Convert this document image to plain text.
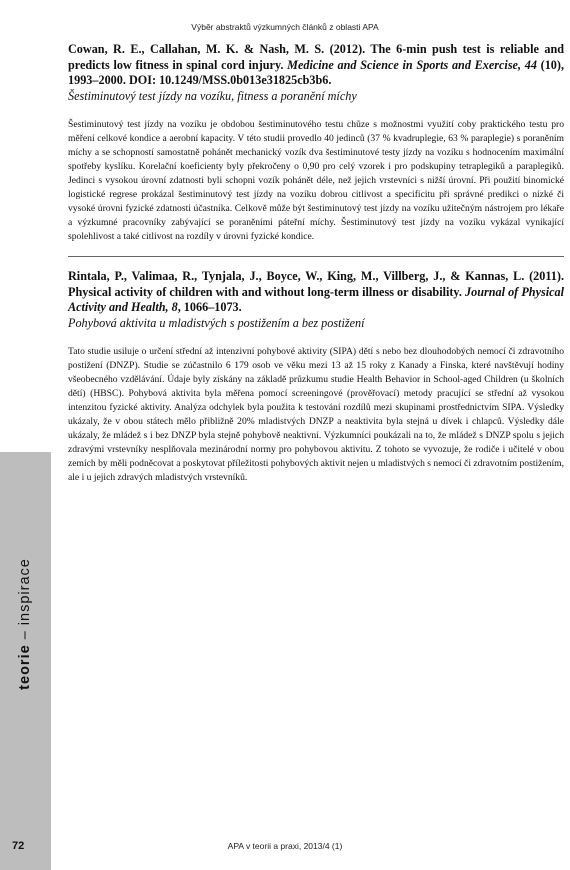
Výběr abstraktů výzkumných článků z oblasti APA

Cowan, R. E., Callahan, M. K. & Nash, M. S. (2012). The 6-min push test is reliable and predicts low fitness in spinal cord injury. Medicine and Science in Sports and Exercise, 44 (10), 1993–2000. DOI: 10.1249/MSS.0b013e31825cb3b6.

Šestiminutový test jízdy na vozíku, fitness a poranění míchy

Šestiminutový test jízdy na vozíku je obdobou šestiminutového testu chůze s možnostmi využití coby praktického testu pro měření celkové kondice a aerobní kapacity. V této studii provedlo 40 jedinců (37 % kvadruplegie, 63 % paraplegie) s poraněním míchy a se schopností samostatně pohánět mechanický vozík dva šestiminutové testy jízdy na vozíku s hodnocením maximální spotřeby kyslíku. Korelační koeficienty byly překročeny o 0,90 pro celý vzorek i pro podskupiny tetraplegiků a paraplegiků. Jedinci s vysokou úrovní zdatnosti byli schopni vozík pohánět déle, než jejich vrstevníci s nižší úrovní. Při použití binomické logistické regrese prokázal šestiminutový test jízdy na vozíku dobrou citlivost a specificitu při správné predikci o nízké či vysoké úrovni fyzické zdatnosti účastníka. Celkově může být šestiminutový test jízdy na vozíku užitečným nástrojem pro lékaře a výzkumné pracovníky zabývající se poraněními páteřní míchy. Šestiminutový test jízdy na vozíku vykázal vynikající spolehlivost a také citlivost na rozdíly v úrovni fyzické kondice.

Rintala, P., Valimaa, R., Tynjala, J., Boyce, W., King, M., Villberg, J., & Kannas, L. (2011). Physical activity of children with and without long-term illness or disability. Journal of Physical Activity and Health, 8, 1066–1073.

Pohybová aktivita u mladistvých s postižením a bez postižení

Tato studie usiluje o určení střední až intenzivní pohybové aktivity (SIPA) dětí s nebo bez dlouhodobých nemocí či zdravotního postižení (DNZP). Studie se zúčastnilo 6 179 osob ve věku mezi 13 až 15 roky z Kanady a Finska, které navštěvují hodiny všeobecného vzdělávání. Údaje byly získány na základě průzkumu studie Health Behavior in School-aged Children (u školních dětí) (HBSC). Pohybová aktivita byla měřena pomocí screeningové (prověřovací) metody pracující se střední až vysokou intenzitou fyzické aktivity. Analýza odchylek byla použita k testování rozdílů mezi skupinami prostřednictvím SIPA. Výsledky ukázaly, že v obou státech mělo přibližně 20% mladistvých DNZP a neaktivita byla stejná u dívek i chlapců. Výsledky dále ukázaly, že mládež s i bez DNZP byla stejně pohybově neaktivní. Výzkumníci poukázali na to, že mládež s DNZP spolu s jejich zdravými vrstevníky nesplňovala mezinárodní normy pro pohybovou aktivitu. Z tohoto se vyvozuje, že rodiče i učitelé v obou zemích by měli podněcovat a poskytovat příležitosti pohybových aktivit nejen u mladistvých s nemocí či zdravotním postižením, ale i u jejich zdravých mladistvých vrstevníků.

teorie – inspirace
72	APA v teorii a praxi, 2013/4 (1)
